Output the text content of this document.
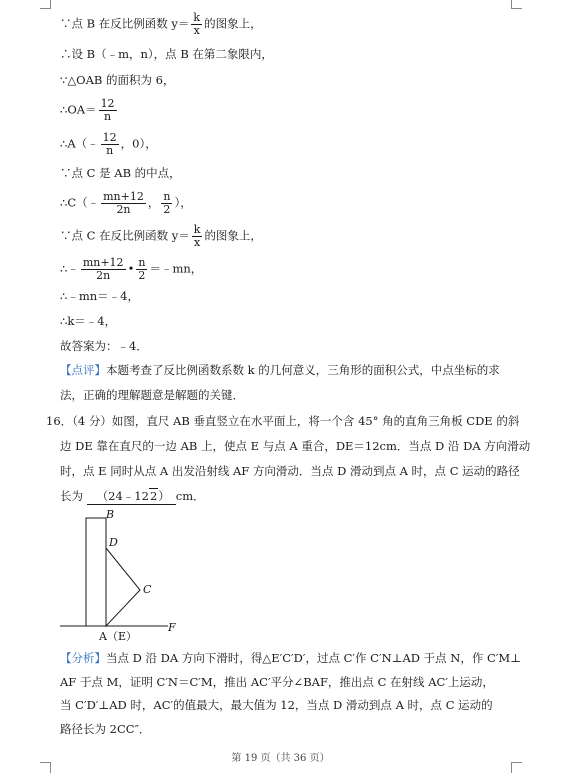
∵点 B 在反比例函数 $y= \frac{k}{x}$ 的图象上，
∴设 B（﹣m，n），点 B 在第二象限内，
∵△OAB 的面积为 6，
∴OA＝ $\frac{12}{n}$
∴A（﹣ $\frac{12}{n}$ ，0），
∵点 C 是 AB 的中点，
∴C（﹣ $\frac{mn+12}{2n}$ ， $\frac{n}{2}$ ），
∵点 C 在反比例函数 $y= \frac{k}{x}$ 的图象上，
∴﹣ $\frac{mn+12}{2n}$ • $\frac{n}{2}$ ＝﹣mn，
∴﹣mn＝﹣4，
∴k＝﹣4，
故答案为：﹣4．
【点评】本题考查了反比例函数系数 k 的几何意义，三角形的面积公式，中点坐标的求
法，正确的理解题意是解题的关键．
16．（4 分）如图，直尺 AB 垂直竖立在水平面上，将一个含 45° 角的直角三角板 CDE 的斜
边 DE 靠在直尺的一边 AB 上，使点 E 与点 A 重合，DE＝12cm．当点 D 沿 DA 方向滑动
时，点 E 同时从点 A 出发沿射线 AF 方向滑动．当点 D 滑动到点 A 时，点 C 运动的路径
长为 （24﹣122） cm．
B
D
C
F
A（E）
【分析】当点 D 沿 DA 方向下滑时，得△E′C′D′，过点 C′作 C′N⊥AD 于点 N，作 C′M⊥
AF 于点 M，证明 C′N＝C′M，推出 AC′平分∠BAF，推出点 C 在射线 AC′上运动，
当 C′D′⊥AD 时，AC′的值最大，最大值为 12，当点 D 滑动到点 A 时，点 C 运动的
路径长为 2CC″．
第 19 页（共 36 页）
